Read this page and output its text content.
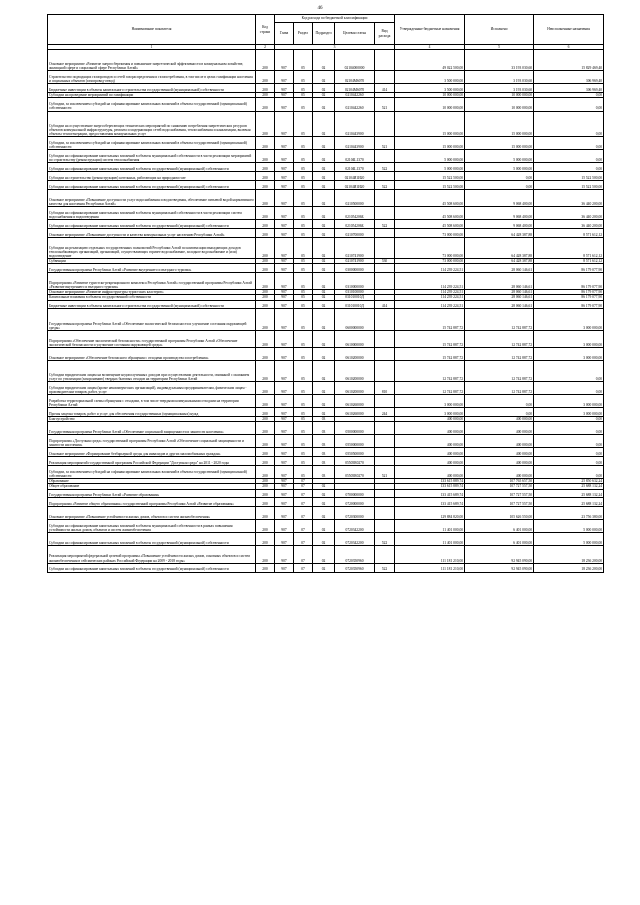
46
Наименование показателя	Код строки	Код расхода по бюджетной классификации					Утвержденные бюджетные назначения	Исполнено	Неисполненные назначения
		Глава	Раздел	Подраздел	Целевая статья	Вид расхода			
1	2	3					4	5	6
Основное мероприятие «Развитие энергосбережения и повышение энергетической эффективности в коммунальном хозяйстве, жилищной сфере и социальной сфере Республики Алтай»	200	907	05	02	02104000000		49 022 500,00	33 193 030,60	15 829 469,40
Строительство подводящих газопроводов и сетей газораспределения и газопотребления, в том числе в целях газификации населения и социальных объектов (газопровод-отвод)	200	907	05	02	02104М6070		3 500 000,00	3 193 030,60	306 969,40
Бюджетные инвестиции в объекты капитального строительства государственной (муниципальной) собственности	200	907	05	02	02104М6070	414	3 500 000,00	3 193 030,60	306 969,40
Субсидии на проведение мероприятий по газификации	200	907	05	02	0210442260		10 000 000,00	10 000 000,00	0,00
Субсидии, за исключением субсидий на софинансирование капитальных вложений в объекты государственной (муниципальной) собственности	200	907	05	02	0210442260	521	10 000 000,00	10 000 000,00	0,00
Субсидии на осуществление энергосберегающих технических мероприятий по снижению потребления энергетических ресурсов объектов коммунальной инфраструктуры, ремонта и модернизации сетей водоснабжения, теплоснабжения и канализации, включая объекты теплогенерации, предоставления коммунальных услуг	200	907	05	02	0210443900		15 000 000,00	15 000 000,00	0,00
Субсидии, за исключением субсидий на софинансирование капитальных вложений в объекты государственной (муниципальной) собственности	200	907	05	02	0210443900	521	15 000 000,00	15 000 000,00	0,00
Субсидии на софинансирование капитальных вложений в объекты муниципальной собственности в части реализации мероприятий по строительству (реконструкции) систем теплоснабжения	200	907	05	02	02104L1370		5 000 000,00	5 000 000,00	0,00
Субсидии на софинансирование капитальных вложений в объекты государственной (муниципальной) собственности	200	907	05	02	02104L1370	522	5 000 000,00	5 000 000,00	0,00
Субсидии на строительство (реконструкцию) котельных, работающих на природном газе	200	907	05	02	02104И1И20		15 522 500,00	0,00	15 522 500,00
Субсидии на софинансирование капитальных вложений в объекты государственной (муниципальной) собственности	200	907	05	02	02104И1И20	522	15 522 500,00	0,00	15 522 500,00
Основное мероприятие «Повышение доступности услуг водоснабжения и водоотведения, обеспечение питьевой водой нормативного качества для населения Республики Алтай»	200	907	05	02	0210500000		45 508 600,00	9 068 400,00	36 440 200,00
Субсидии на софинансирование капитальных вложений в объекты муниципальной собственности в части реализации систем водоснабжения и водоотведения	200	907	05	02	021054206Б		45 508 600,00	9 068 400,00	36 440 200,00
Субсидии на софинансирование капитальных вложений в объекты государственной (муниципальной) собственности	200	907	05	02	021054206Б	522	45 508 600,00	9 068 400,00	36 440 200,00
Основное мероприятие «Повышение доступности и качества коммунальных услуг населению Республики Алтай»	200	907	05	02	0210700000		73 000 000,00	64 428 387,88	8 571 612,12
Субсидии на реализацию отдельных государственных полномочий Республики Алтай по компенсации выпадающих доходов теплоснабжающих организаций, организаций, осуществляющих горячее водоснабжение, холодное водоснабжение и (или) водоотведение	200	907	05	02	0210741900		73 000 000,00	64 428 387,88	8 571 612,12
Субвенции	200	907	05	02	0210741900	530	73 000 000,00	64 428 387,88	8 571 612,12
Государственная программа Республики Алтай «Развитие внутреннего и въездного туризма»	200	907	05	02	0300000000		114 239 224,51	28 060 146,61	86 179 077,90
Подпрограмма «Развитие туристско-рекреационного комплекса Республики Алтай» государственной программы Республики Алтай «Развитие внутреннего и въездного туризма»	200	907	05	02	0310000000		114 239 224,51	28 060 146,61	86 179 077,90
Основное мероприятие «Развитие инфраструктуры туристских кластеров»	200	907	05	02	0310100000		114 239 224,51	28 060 146,61	86 179 077,90
Капитальные вложения в объекты государственной собственности	200	907	05	02	031010010Д		114 239 224,51	28 060 146,61	86 179 077,90
Бюджетные инвестиции в объекты капитального строительства государственной (муниципальной) собственности	200	907	05	02	031010010Д	414	114 239 224,51	28 060 146,61	86 179 077,90
Государственная программа Республики Алтай «Обеспечение экологической безопасности и улучшение состояния окружающей среды»	200	907	05	02	0600000000		15 742 887,72	12 742 887,72	3 000 000,00
Подпрограмма «Обеспечение экологической безопасности» государственной программы Республики Алтай «Обеспечение экологической безопасности и улучшение состояния окружающей среды»	200	907	05	02	0610000000		15 742 887,72	12 742 887,72	3 000 000,00
Основное мероприятие «Обеспечение безопасного обращения с отходами производства и потребления»	200	907	05	02	0610200000		15 742 887,72	12 742 887,72	3 000 000,00
Субсидии юридическим лицам на возмещение недополученных доходов при осуществлении деятельности, связанной с оказанием услуг по утилизации (захоронению) твердых бытовых отходов на территории Республики Алтай	200	907	05	02	0610200000		12 742 887,72	12 742 887,72	0,00
Субсидии юридическим лицам (кроме некоммерческих организаций), индивидуальным предпринимателям, физическим лицам - производителям товаров, работ, услуг	200	907	05	02	0610200000	810	12 742 887,72	12 742 887,72	0,00
Разработка территориальной схемы обращения с отходами, в том числе твердыми коммунальными отходами на территории Республики Алтай	200	907	05	02	0610260000		3 000 000,00	0,00	3 000 000,00
Прочая закупка товаров, работ и услуг для обеспечения государственных (муниципальных) нужд	200	907	05	02	0610260000	244	3 000 000,00	0,00	3 000 000,00
Благоустройство	200	907	05	03			400 000,00	400 000,00	0,00
Государственная программа Республики Алтай «Обеспечение социальной защищенности и занятости населения»	200	907	05	03	0500000000		400 000,00	400 000,00	0,00
Подпрограмма «Доступная среда» государственной программы Республики Алтай «Обеспечение социальной защищенности и занятости населения»	200	907	05	03	0550000000		400 000,00	400 000,00	0,00
Основное мероприятие «Формирование безбарьерной среды для инвалидов и других маломобильных граждан»	200	907	05	03	0550500000		400 000,00	400 000,00	0,00
Реализация мероприятий государственной программы Российской Федерации "Доступная среда" на 2011 - 2020 годы	200	907	05	03	05505R0270		400 000,00	400 000,00	0,00
Субсидии, за исключением субсидий на софинансирование капитальных вложений в объекты государственной (муниципальной) собственности	200	907	05	03	05505R0270	521	400 000,00	400 000,00	0,00
Образование	200	907	07				133 615 889,74	107 765 657,50	25 850 632,24
Общее образование	200	907	07	02			133 615 889,74	107 727 557,50	25 688 132,24
Государственная программа Республики Алтай «Развитие образования»	200	907	07	02	0700000000		133 415 689,74	107 727 557,50	25 688 132,24
Подпрограмма «Развитие общего образования» государственной программы Республики Алтай «Развитие образования»	200	907	07	02	0720000000		133 415 689,74	107 727 557,50	25 688 132,24
Основное мероприятие «Повышение устойчивости жилых домов, объектов и систем жизнеобеспечения»	200	907	07	02	0720300000		129 884 820,00	105 626 550,00	23 756 380,00
Субсидии на софинансирование капитальных вложений в объекты муниципальной собственности в рамках повышения устойчивости жилых домов, объектов и систем жизнеобеспечения	200	907	07	02	0720342200		11 401 000,00	6 401 000,00	5 000 000,00
Субсидии на софинансирование капитальных вложений в объекты государственной (муниципальной) собственности	200	907	07	02	0720342200	522	11 401 000,00	6 401 000,00	5 000 000,00
Реализация мероприятий федеральной целевой программы «Повышение устойчивости жилых домов, основных объектов и систем жизнеобеспечения в сейсмических районах Российской Федерации на 2009 - 2018 годы»	200	907	07	02	0720350960		111 181 210,00	92 945 090,00	18 236 200,00
Субсидии на софинансирование капитальных вложений в объекты государственной (муниципальной) собственности	200	907	07	02	0720350960	522	111 181 210,00	92 945 090,00	18 236 200,00
